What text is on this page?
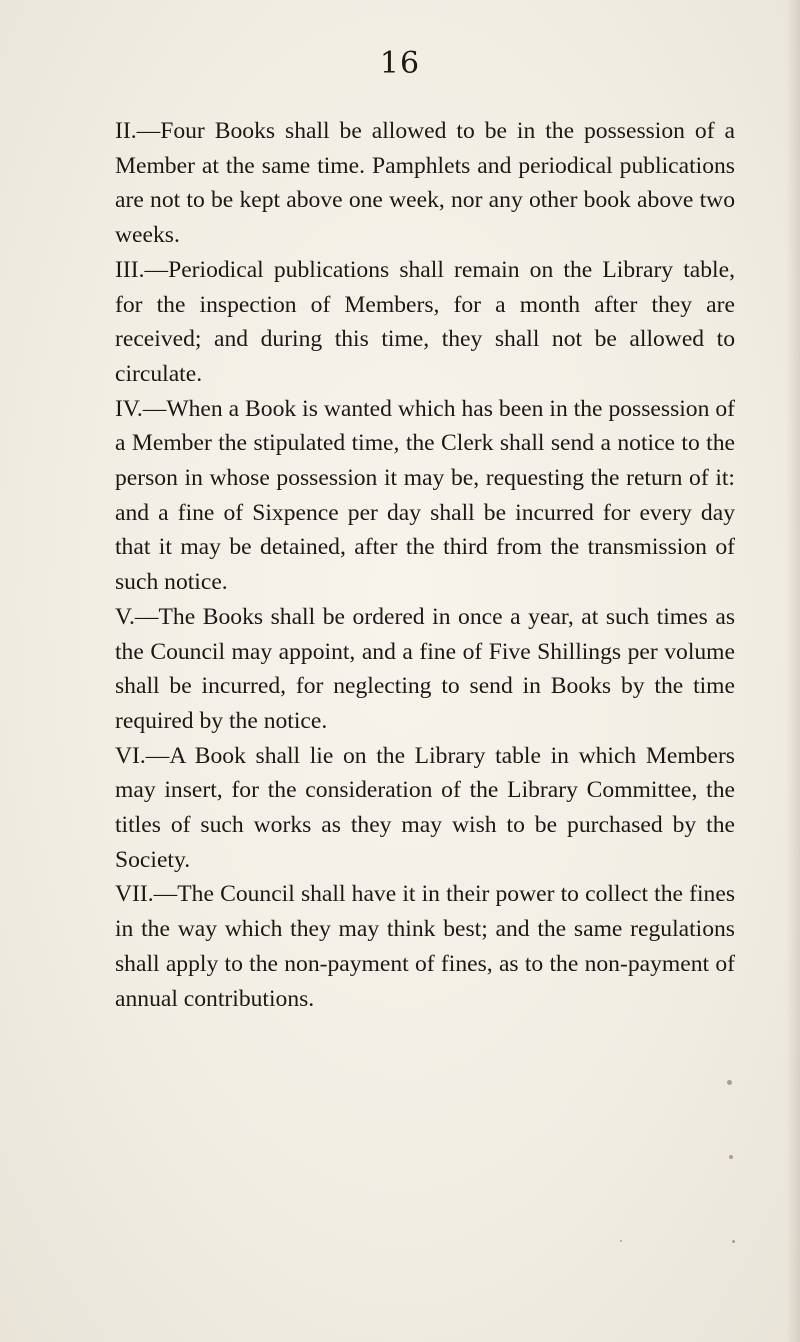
16

II.—Four Books shall be allowed to be in the possession of a Member at the same time. Pamphlets and periodical publications are not to be kept above one week, nor any other book above two weeks.

III.—Periodical publications shall remain on the Library table, for the inspection of Members, for a month after they are received; and during this time, they shall not be allowed to circulate.

IV.—When a Book is wanted which has been in the possession of a Member the stipulated time, the Clerk shall send a notice to the person in whose possession it may be, requesting the return of it: and a fine of Sixpence per day shall be incurred for every day that it may be detained, after the third from the transmission of such notice.

V.—The Books shall be ordered in once a year, at such times as the Council may appoint, and a fine of Five Shillings per volume shall be incurred, for neglecting to send in Books by the time required by the notice.

VI.—A Book shall lie on the Library table in which Members may insert, for the consideration of the Library Committee, the titles of such works as they may wish to be purchased by the Society.

VII.—The Council shall have it in their power to collect the fines in the way which they may think best; and the same regulations shall apply to the non-payment of fines, as to the non-payment of annual contributions.
